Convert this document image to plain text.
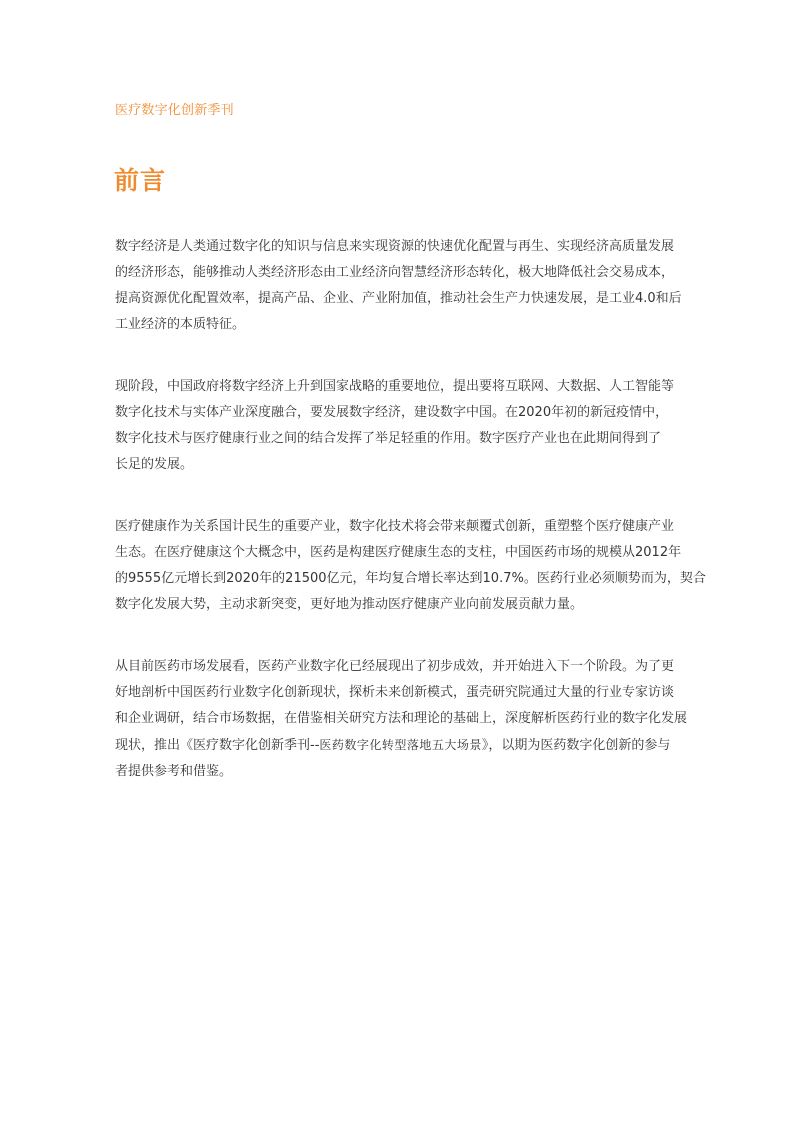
医疗数字化创新季刊
前言

数字经济是人类通过数字化的知识与信息来实现资源的快速优化配置与再生、实现经济高质量发展
的经济形态，能够推动人类经济形态由工业经济向智慧经济形态转化，极大地降低社会交易成本，
提高资源优化配置效率，提高产品、企业、产业附加值，推动社会生产力快速发展，是工业4.0和后
工业经济的本质特征。

现阶段，中国政府将数字经济上升到国家战略的重要地位，提出要将互联网、大数据、人工智能等
数字化技术与实体产业深度融合，要发展数字经济，建设数字中国。在2020年初的新冠疫情中，
数字化技术与医疗健康行业之间的结合发挥了举足轻重的作用。数字医疗产业也在此期间得到了
长足的发展。

医疗健康作为关系国计民生的重要产业，数字化技术将会带来颠覆式创新，重塑整个医疗健康产业
生态。在医疗健康这个大概念中，医药是构建医疗健康生态的支柱，中国医药市场的规模从2012年
的9555亿元增长到2020年的21500亿元，年均复合增长率达到10.7%。医药行业必须顺势而为，契合
数字化发展大势，主动求新突变，更好地为推动医疗健康产业向前发展贡献力量。

从目前医药市场发展看，医药产业数字化已经展现出了初步成效，并开始进入下一个阶段。为了更
好地剖析中国医药行业数字化创新现状，探析未来创新模式，蛋壳研究院通过大量的行业专家访谈
和企业调研，结合市场数据，在借鉴相关研究方法和理论的基础上，深度解析医药行业的数字化发展
现状，推出《医疗数字化创新季刊--医药数字化转型落地五大场景》，以期为医药数字化创新的参与
者提供参考和借鉴。
